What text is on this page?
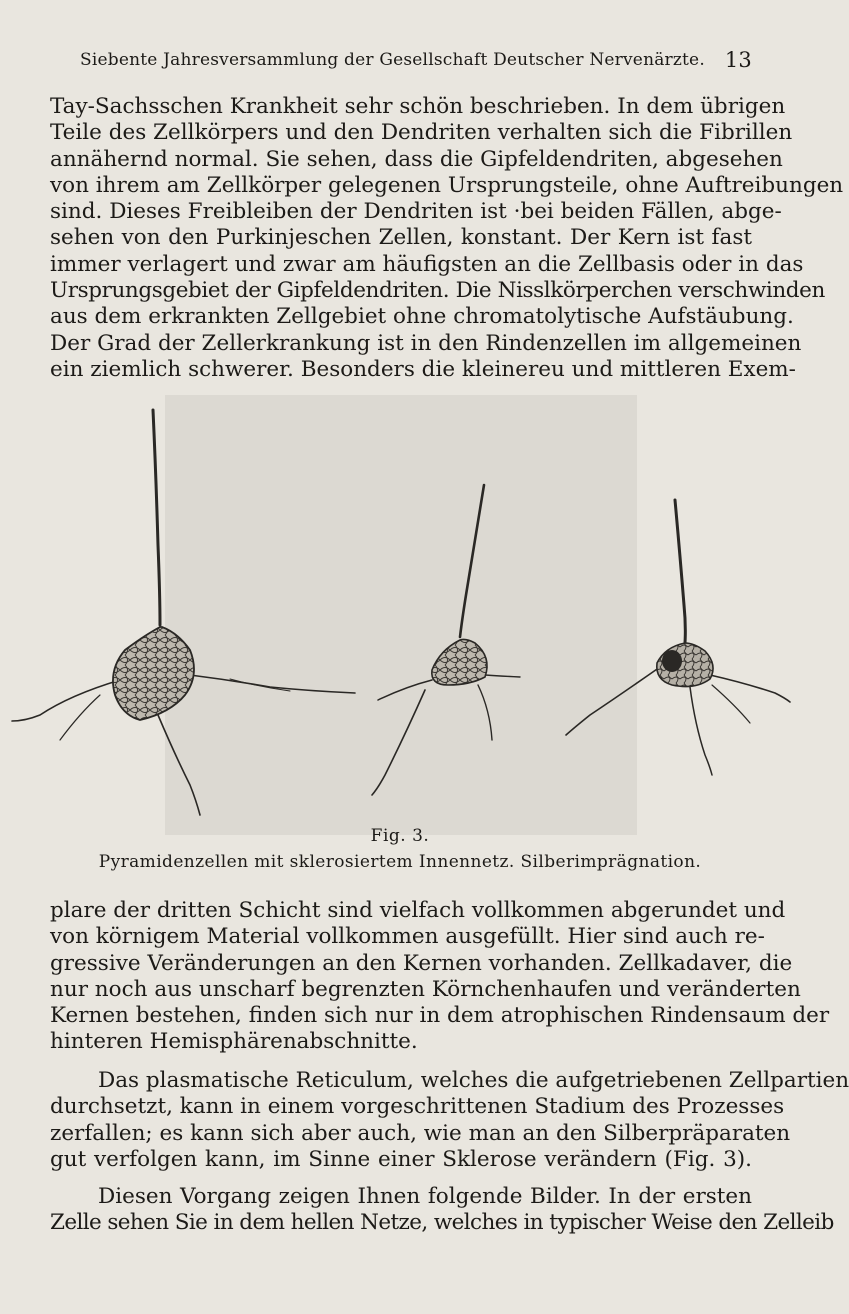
Siebente Jahresversammlung der Gesellschaft Deutscher Nervenärzte. 13
Tay-Sachsschen Krankheit sehr schön beschrieben. In dem übrigen
Teile des Zellkörpers und den Dendriten verhalten sich die Fibrillen
annähernd normal. Sie sehen, dass die Gipfeldendriten, abgesehen
von ihrem am Zellkörper gelegenen Ursprungsteile, ohne Auftreibungen
sind. Dieses Freibleiben der Dendriten ist ·bei beiden Fällen, abge-
sehen von den Purkinjeschen Zellen, konstant. Der Kern ist fast
immer verlagert und zwar am häufigsten an die Zellbasis oder in das
Ursprungsgebiet der Gipfeldendriten. Die Nisslkörperchen verschwinden
aus dem erkrankten Zellgebiet ohne chromatolytische Aufstäubung.
Der Grad der Zellerkrankung ist in den Rindenzellen im allgemeinen
ein ziemlich schwerer. Besonders die kleinereu und mittleren Exem-
Fig. 3.
Pyramidenzellen mit sklerosiertem Innennetz. Silberimprägnation.
plare der dritten Schicht sind vielfach vollkommen abgerundet und
von körnigem Material vollkommen ausgefüllt. Hier sind auch re-
gressive Veränderungen an den Kernen vorhanden. Zellkadaver, die
nur noch aus unscharf begrenzten Körnchenhaufen und veränderten
Kernen bestehen, finden sich nur in dem atrophischen Rindensaum der
hinteren Hemisphärenabschnitte.
Das plasmatische Reticulum, welches die aufgetriebenen Zellpartien
durchsetzt, kann in einem vorgeschrittenen Stadium des Prozesses
zerfallen; es kann sich aber auch, wie man an den Silberpräparaten
gut verfolgen kann, im Sinne einer Sklerose verändern (Fig. 3).
Diesen Vorgang zeigen Ihnen folgende Bilder. In der ersten
Zelle sehen Sie in dem hellen Netze, welches in typischer Weise den Zelleib
